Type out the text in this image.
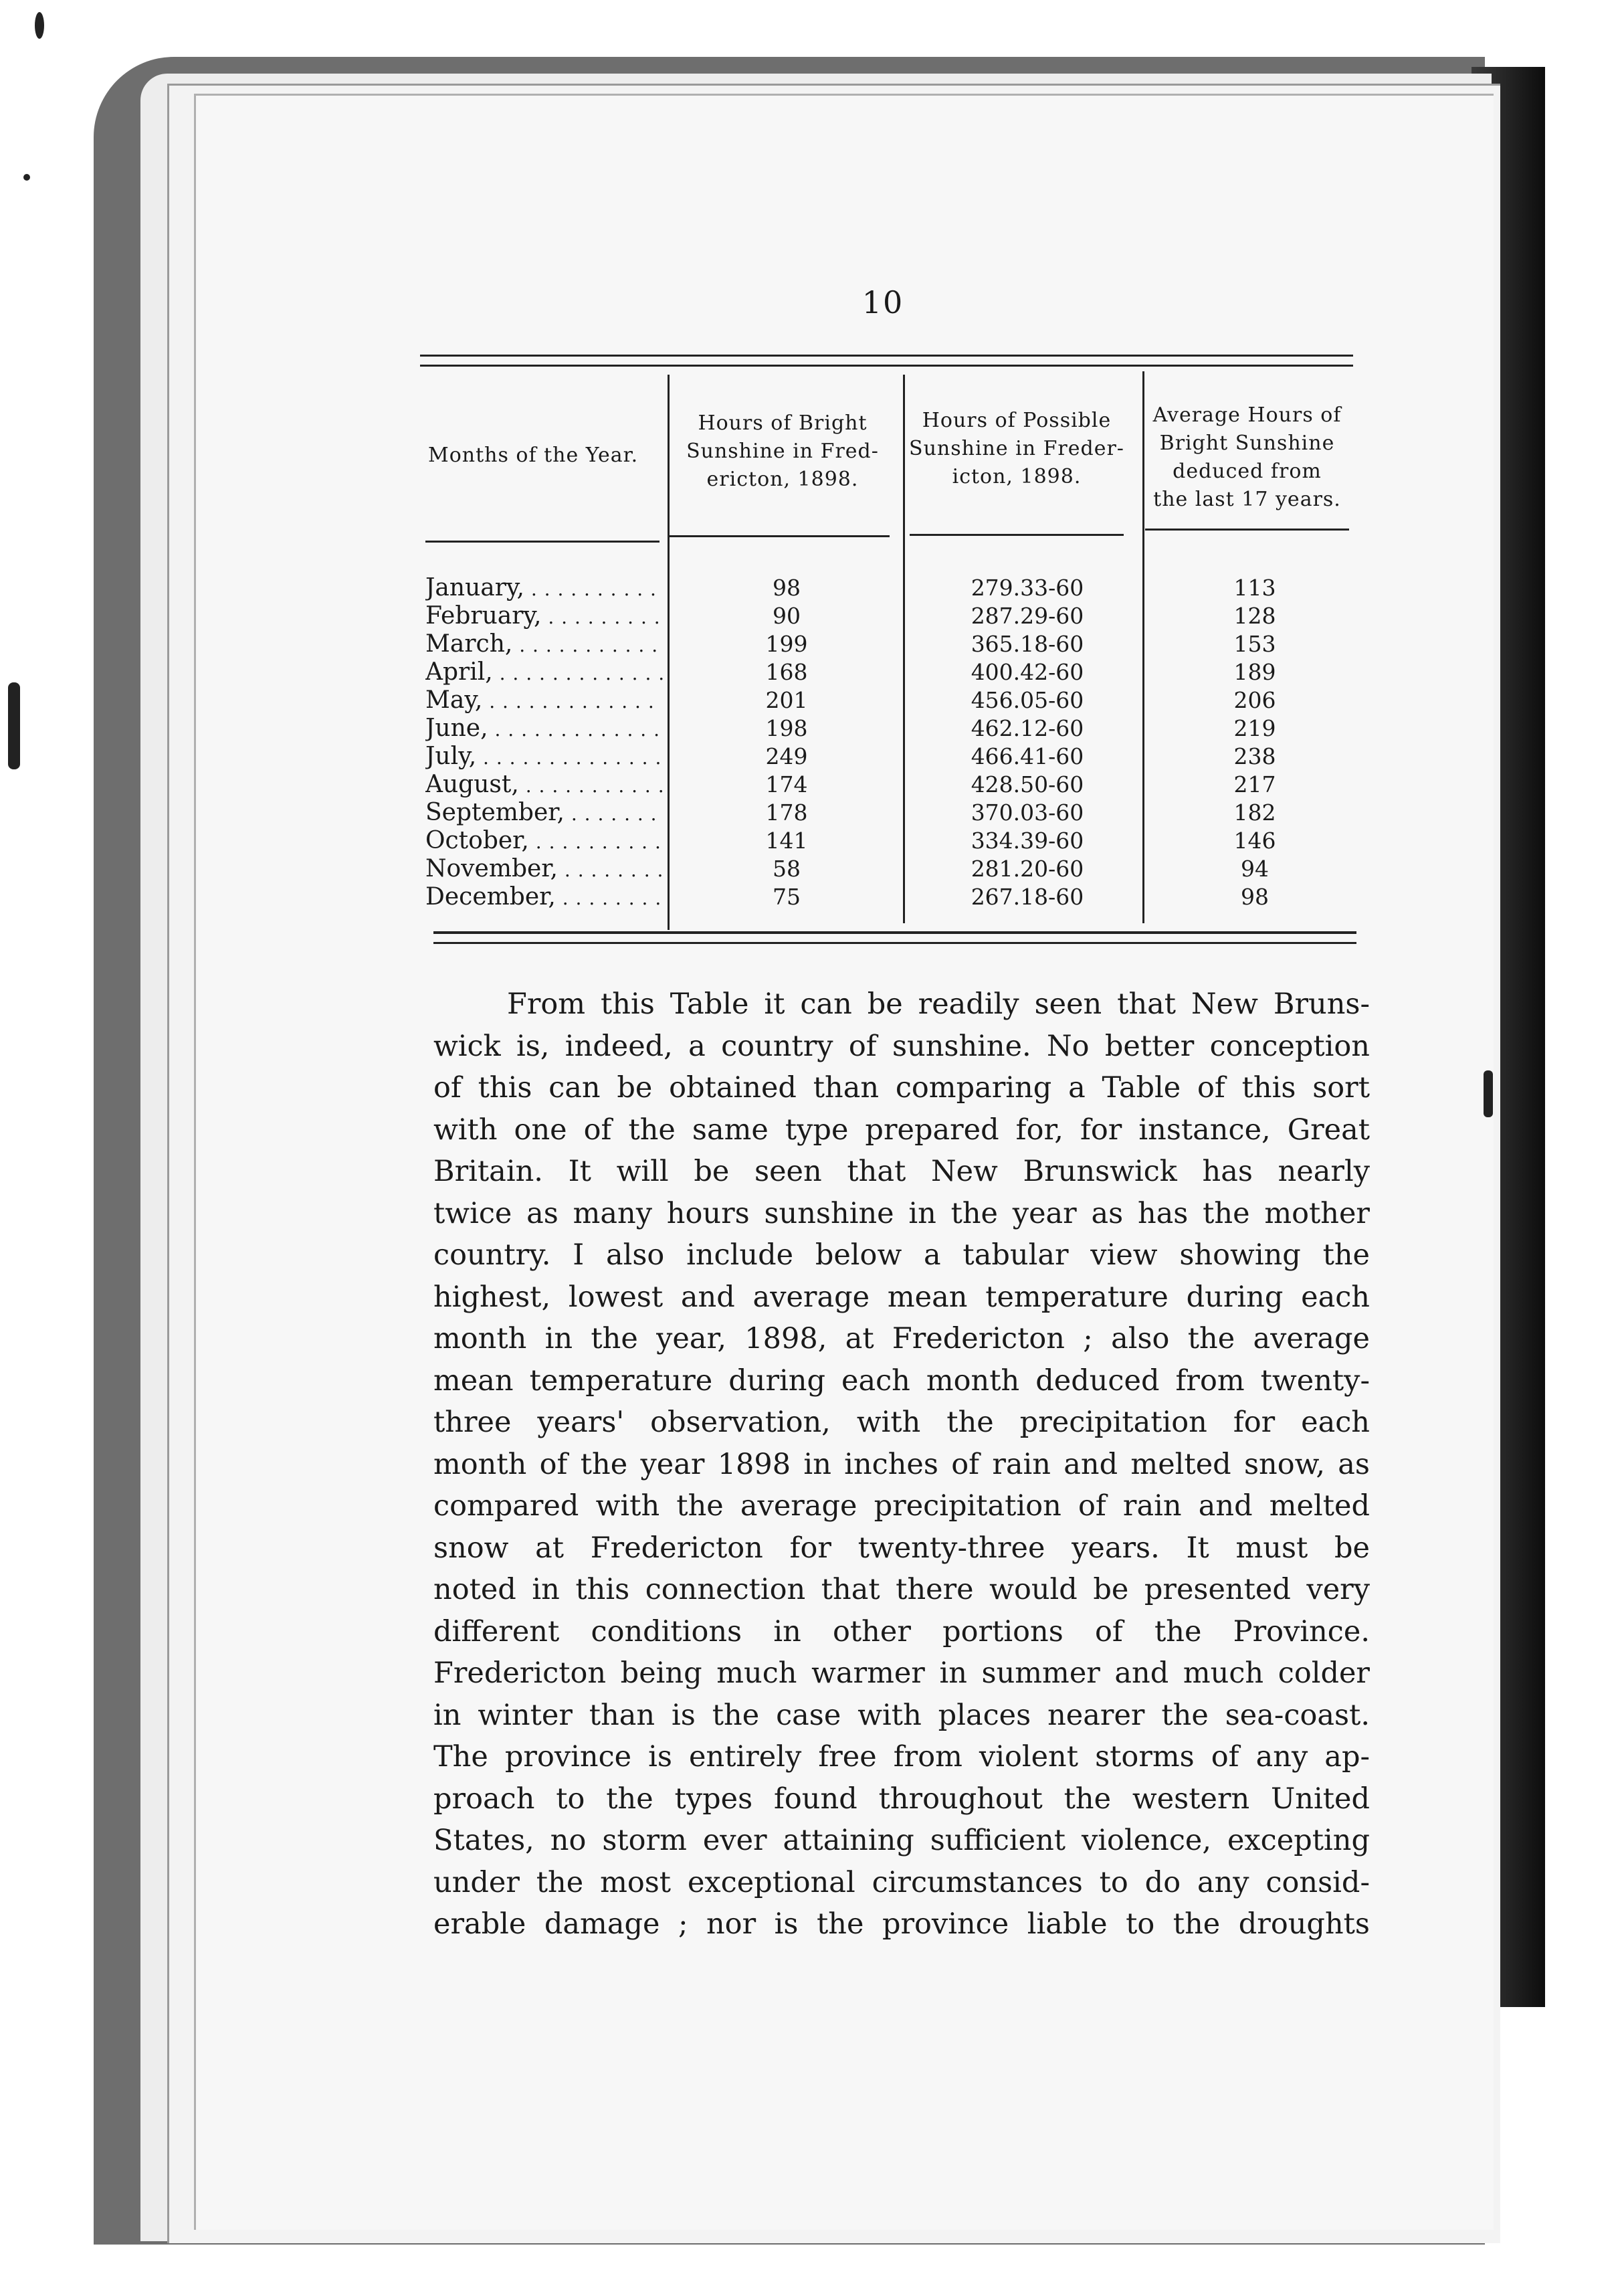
10
Months of the Year.
Hours of Bright
Sunshine in Fred-
ericton, 1898.
Hours of Possible
Sunshine in Freder-
icton, 1898.
Average Hours of
Bright Sunshine
deduced from
the last 17 years.
January, . . .	98	279.33-60	113
February, . . .	90	287.29-60	128
March, . . .	199	365.18-60	153
April, . . .	168	400.42-60	189
May, . . .	201	456.05-60	206
June, . . .	198	462.12-60	219
July, . . .	249	466.41-60	238
August, . . .	174	428.50-60	217
September, . . .	178	370.03-60	182
October, . . .	141	334.39-60	146
November, . . .	58	281.20-60	94
December, . . .	75	267.18-60	98
From this Table it can be readily seen that New Bruns-
wick is, indeed, a country of sunshine. No better conception
of this can be obtained than comparing a Table of this sort
with one of the same type prepared for, for instance, Great
Britain. It will be seen that New Brunswick has nearly
twice as many hours sunshine in the year as has the mother
country. I also include below a tabular view showing the
highest, lowest and average mean temperature during each
month in the year, 1898, at Fredericton ; also the average
mean temperature during each month deduced from twenty-
three years' observation, with the precipitation for each
month of the year 1898 in inches of rain and melted snow, as
compared with the average precipitation of rain and melted
snow at Fredericton for twenty-three years. It must be
noted in this connection that there would be presented very
different conditions in other portions of the Province.
Fredericton being much warmer in summer and much colder
in winter than is the case with places nearer the sea-coast.
The province is entirely free from violent storms of any ap-
proach to the types found throughout the western United
States, no storm ever attaining sufficient violence, excepting
under the most exceptional circumstances to do any consid-
erable damage ; nor is the province liable to the droughts
